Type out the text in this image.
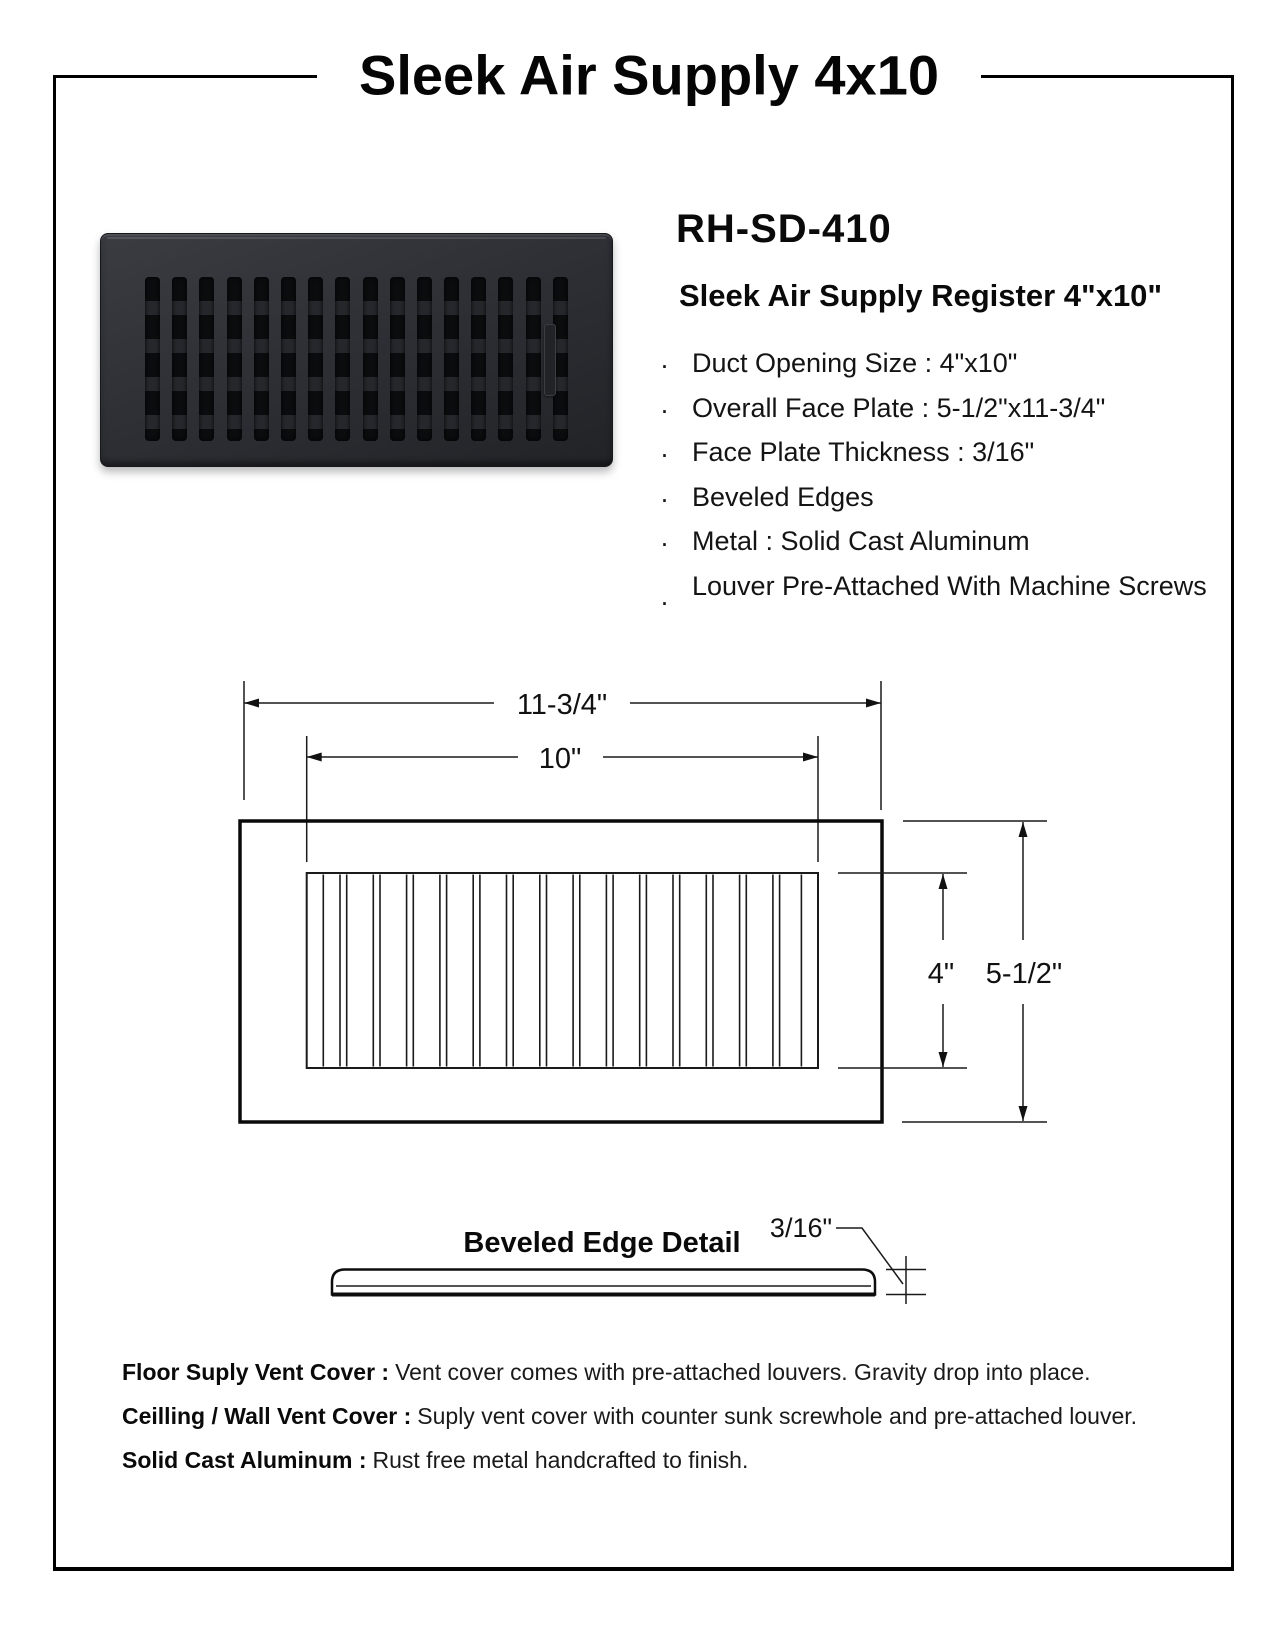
Sleek Air Supply 4x10
RH-SD-410
Sleek Air Supply Register 4"x10"
· Duct Opening Size : 4"x10"
· Overall Face Plate : 5-1/2"x11-3/4"
· Face Plate Thickness : 3/16"
· Beveled Edges
· Metal : Solid Cast Aluminum
·
Louver Pre-Attached With Machine Screws
11-3/4"
10"
4" 5-1/2"
Beveled Edge Detail 3/16"

Floor Suply Vent Cover : Vent cover comes with pre-attached louvers. Gravity drop into place.

Ceilling / Wall Vent Cover : Suply vent cover with counter sunk screwhole and pre-attached louver.

Solid Cast Aluminum : Rust free metal handcrafted to finish.
